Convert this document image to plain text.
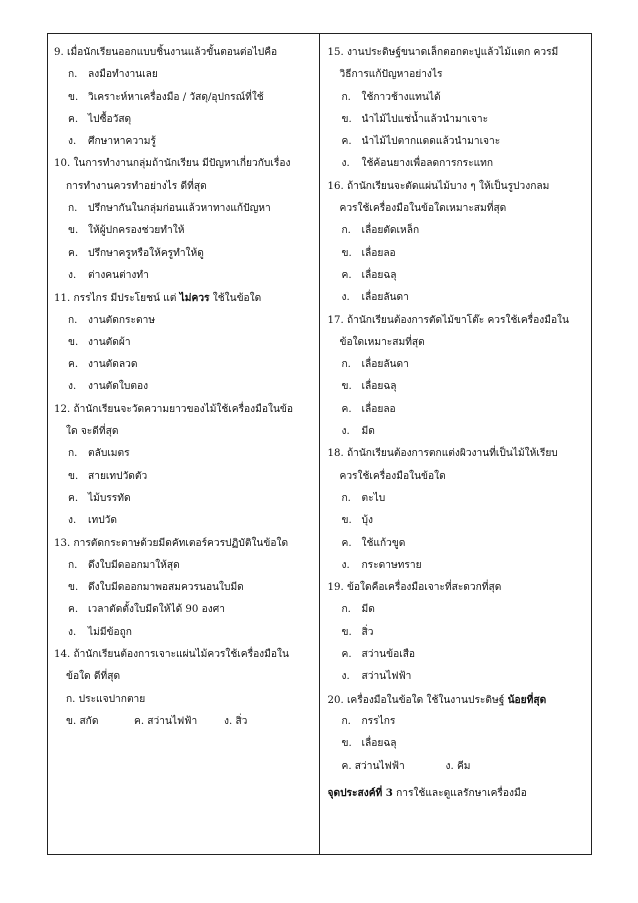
9. เมื่อนักเรียนออกแบบชิ้นงานแล้วขั้นตอนต่อไปคือ
ก. ลงมือทำงานเลย
ข. วิเคราะห์หาเครื่องมือ / วัสดุ/อุปกรณ์ที่ใช้
ค. ไปซื้อวัสดุ
ง. ศึกษาหาความรู้
10. ในการทำงานกลุ่มถ้านักเรียน มีปัญหาเกี่ยวกับเรื่อง
การทำงานควรทำอย่างไร ดีที่สุด
ก. ปรึกษากันในกลุ่มก่อนแล้วหาทางแก้ปัญหา
ข. ให้ผู้ปกครองช่วยทำให้
ค. ปรึกษาครูหรือให้ครูทำให้ดู
ง. ต่างคนต่างทำ
11. กรรไกร มีประโยชน์ แต่ ไม่ควร ใช้ในข้อใด
ก. งานตัดกระดาษ
ข. งานตัดผ้า
ค. งานตัดลวด
ง. งานตัดใบตอง
12. ถ้านักเรียนจะวัดความยาวของไม้ใช้เครื่องมือในข้อ
ใด จะดีที่สุด
ก. ตลับเมตร
ข. สายเทปวัดตัว
ค. ไม้บรรทัด
ง. เทปวัด
13. การตัดกระดาษด้วยมีดคัทเตอร์ควรปฏิบัติในข้อใด
ก. ดึงใบมีดออกมาให้สุด
ข. ดึงใบมีดออกมาพอสมควรนอนใบมีด
ค. เวลาตัดตั้งใบมีดให้ได้ 90 องศา
ง. ไม่มีข้อถูก
14. ถ้านักเรียนต้องการเจาะแผ่นไม้ควรใช้เครื่องมือใน
ข้อใด ดีที่สุด
ก. ประแจปากตาย
ข. สกัด	ค. สว่านไฟฟ้า	ง. สิ่ว
15. งานประดิษฐ์ขนาดเล็กตอกตะปูแล้วไม้แตก ควรมี
วิธีการแก้ปัญหาอย่างไร
ก. ใช้กาวช้างแทนได้
ข. นำไม้ไปแช่น้ำแล้วนำมาเจาะ
ค. นำไม้ไปตากแดดแล้วนำมาเจาะ
ง. ใช้ค้อนยางเพื่อลดการกระแทก
16. ถ้านักเรียนจะตัดแผ่นไม้บาง ๆ ให้เป็นรูปวงกลม
ควรใช้เครื่องมือในข้อใดเหมาะสมที่สุด
ก. เลื่อยตัดเหล็ก
ข. เลื่อยลอ
ค. เลื่อยฉลุ
ง. เลื่อยลันดา
17. ถ้านักเรียนต้องการตัดไม้ขาโต๊ะ ควรใช้เครื่องมือใน
ข้อใดเหมาะสมที่สุด
ก. เลื่อยลันดา
ข. เลื่อยฉลุ
ค. เลื่อยลอ
ง. มีด
18. ถ้านักเรียนต้องการตกแต่งผิวงานที่เป็นไม้ให้เรียบ
ควรใช้เครื่องมือในข้อใด
ก. ตะไบ
ข. บุ้ง
ค. ใช้แก้วขูด
ง. กระดาษทราย
19. ข้อใดคือเครื่องมือเจาะที่สะดวกที่สุด
ก. มีด
ข. สิ่ว
ค. สว่านข้อเสือ
ง. สว่านไฟฟ้า
20. เครื่องมือในข้อใด ใช้ในงานประดิษฐ์ น้อยที่สุด
ก. กรรไกร
ข. เลื่อยฉลุ
ค. สว่านไฟฟ้า	ง. คีม
จุดประสงค์ที่ 3 การใช้และดูแลรักษาเครื่องมือ
